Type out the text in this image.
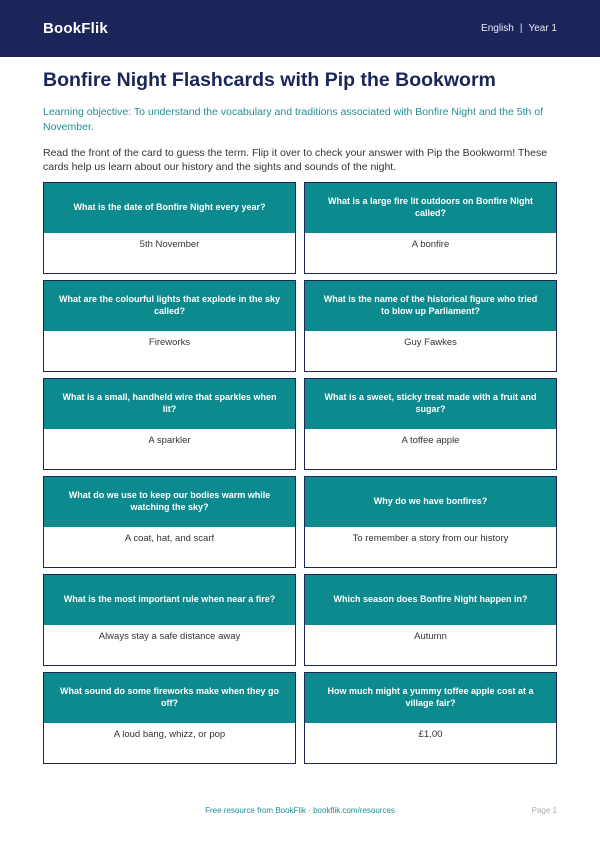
BookFlik	English | Year 1
Bonfire Night Flashcards with Pip the Bookworm

Learning objective: To understand the vocabulary and traditions associated with Bonfire Night and the 5th of November.

Read the front of the card to guess the term. Flip it over to check your answer with Pip the Bookworm! These cards help us learn about our history and the sights and sounds of the night.

What is the date of Bonfire Night every year?
5th November
What is a large fire lit outdoors on Bonfire Night called?
A bonfire
What are the colourful lights that explode in the sky called?
Fireworks
What is the name of the historical figure who tried to blow up Parliament?
Guy Fawkes
What is a small, handheld wire that sparkles when lit?
A sparkler
What is a sweet, sticky treat made with a fruit and sugar?
A toffee apple
What do we use to keep our bodies warm while watching the sky?
A coat, hat, and scarf
Why do we have bonfires?
To remember a story from our history
What is the most important rule when near a fire?
Always stay a safe distance away
Which season does Bonfire Night happen in?
Autumn
What sound do some fireworks make when they go off?
A loud bang, whizz, or pop
How much might a yummy toffee apple cost at a village fair?
£1.00
Free resource from BookFlik · bookflik.com/resources	Page 1
